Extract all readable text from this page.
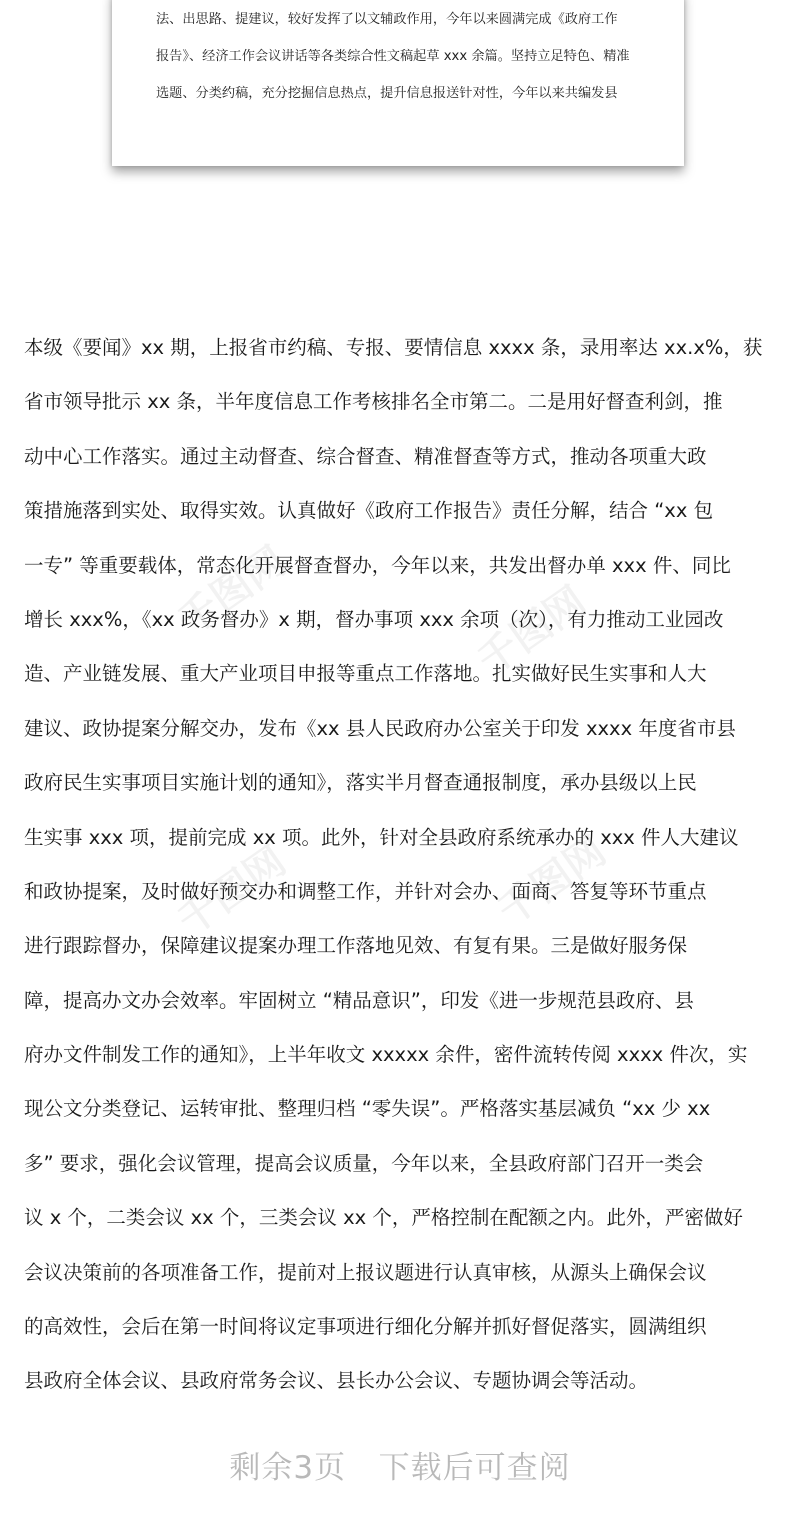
法、出思路、提建议，较好发挥了以文辅政作用，今年以来圆满完成《政府工作
报告》、经济工作会议讲话等各类综合性文稿起草 xxx 余篇。坚持立足特色、精准
选题、分类约稿，充分挖掘信息热点，提升信息报送针对性，今年以来共编发县
千图网	千图网
千图网	千图网
本级《要闻》xx 期，上报省市约稿、专报、要情信息 xxxx 条，录用率达 xx.x%，获
省市领导批示 xx 条，半年度信息工作考核排名全市第二。二是用好督查利剑，推
动中心工作落实。通过主动督查、综合督查、精准督查等方式，推动各项重大政
策措施落到实处、取得实效。认真做好《政府工作报告》责任分解，结合 “xx 包
一专” 等重要载体，常态化开展督查督办，今年以来，共发出督办单 xxx 件、同比
增长 xxx%，《xx 政务督办》x 期，督办事项 xxx 余项（次），有力推动工业园改
造、产业链发展、重大产业项目申报等重点工作落地。扎实做好民生实事和人大
建议、政协提案分解交办，发布《xx 县人民政府办公室关于印发 xxxx 年度省市县
政府民生实事项目实施计划的通知》，落实半月督查通报制度，承办县级以上民
生实事 xxx 项，提前完成 xx 项。此外，针对全县政府系统承办的 xxx 件人大建议
和政协提案，及时做好预交办和调整工作，并针对会办、面商、答复等环节重点
进行跟踪督办，保障建议提案办理工作落地见效、有复有果。三是做好服务保
障，提高办文办会效率。牢固树立 “精品意识”，印发《进一步规范县政府、县
府办文件制发工作的通知》，上半年收文 xxxxx 余件，密件流转传阅 xxxx 件次，实
现公文分类登记、运转审批、整理归档 “零失误”。严格落实基层减负 “xx 少 xx
多” 要求，强化会议管理，提高会议质量，今年以来，全县政府部门召开一类会
议 x 个，二类会议 xx 个，三类会议 xx 个，严格控制在配额之内。此外，严密做好
会议决策前的各项准备工作，提前对上报议题进行认真审核，从源头上确保会议
的高效性，会后在第一时间将议定事项进行细化分解并抓好督促落实，圆满组织
县政府全体会议、县政府常务会议、县长办公会议、专题协调会等活动。
剩余3页   下载后可查阅
